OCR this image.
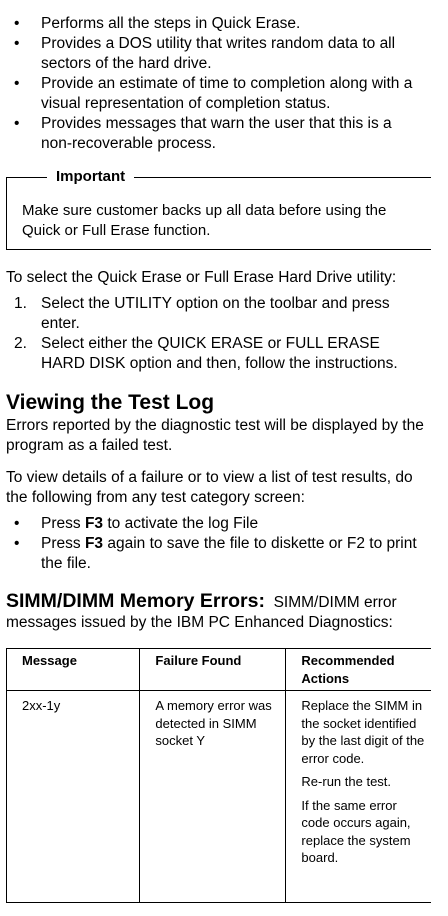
• Performs all the steps in Quick Erase.
• Provides a DOS utility that writes random data to all sectors of the hard drive.
• Provide an estimate of time to completion along with a visual representation of completion status.
• Provides messages that warn the user that this is a non-recoverable process.
Important
Make sure customer backs up all data before using the Quick or Full Erase function.

To select the Quick Erase or Full Erase Hard Drive utility:

1. Select the UTILITY option on the toolbar and press enter.
2. Select either the QUICK ERASE or FULL ERASE HARD DISK option and then, follow the instructions.
Viewing the Test Log

Errors reported by the diagnostic test will be displayed by the program as a failed test.

To view details of a failure or to view a list of test results, do the following from any test category screen:

• Press F3 to activate the log File
• Press F3 again to save the file to diskette or F2 to print the file.
SIMM/DIMM Memory Errors: SIMM/DIMM error messages issued by the IBM PC Enhanced Diagnostics:
Message	Failure Found	Recommended Actions
2xx-1y	A memory error was detected in SIMM socket Y	Replace the SIMM in the socket identified by the last digit of the error code.

Re-run the test.

If the same error code occurs again, replace the system board.
